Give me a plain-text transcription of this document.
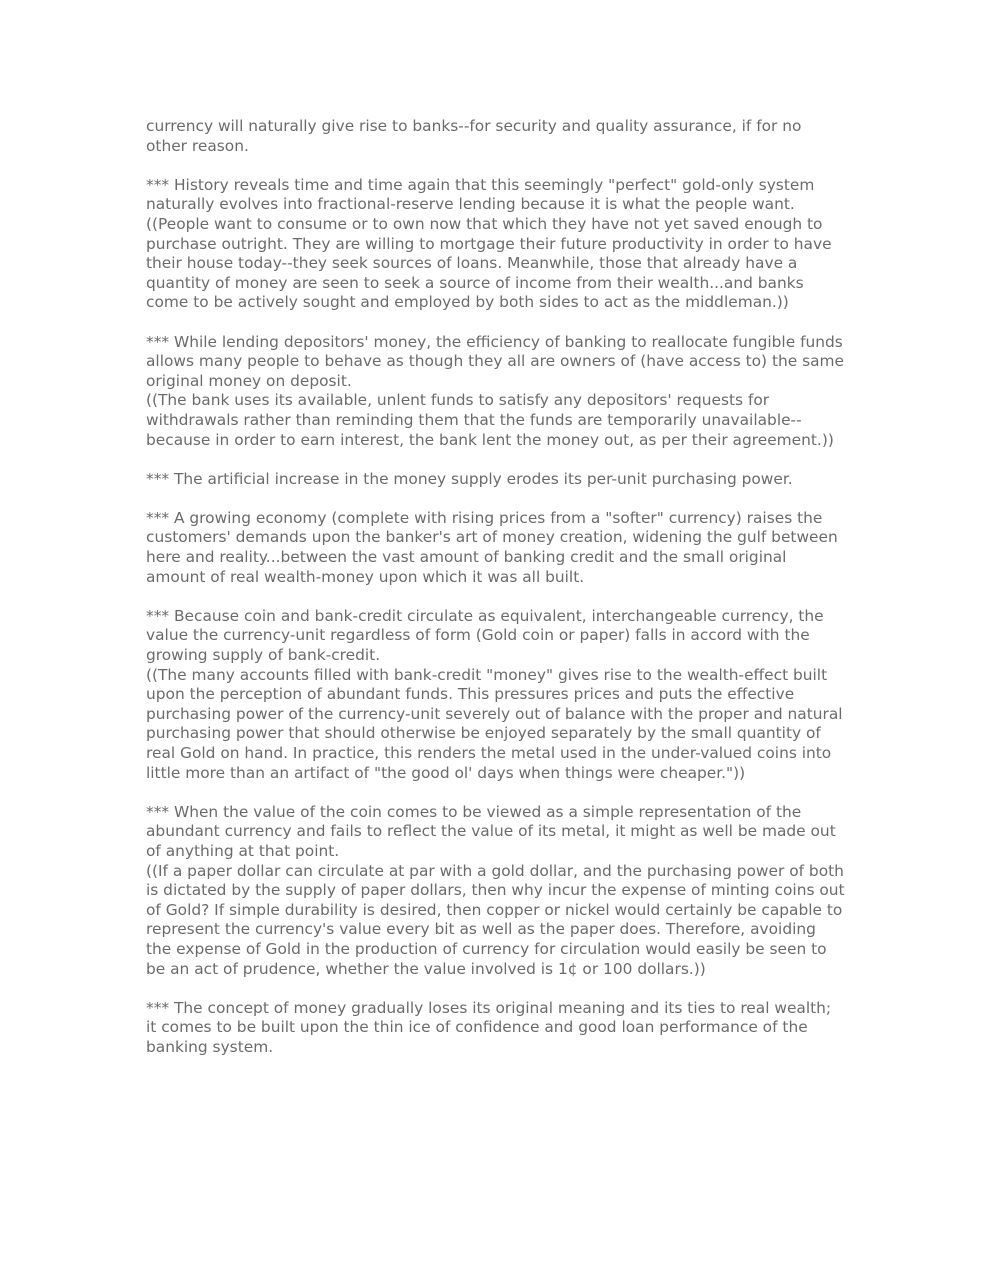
currency will naturally give rise to banks--for security and quality assurance, if for no other reason.

*** History reveals time and time again that this seemingly "perfect" gold-only system naturally evolves into fractional-reserve lending because it is what the people want.
((People want to consume or to own now that which they have not yet saved enough to purchase outright. They are willing to mortgage their future productivity in order to have their house today--they seek sources of loans. Meanwhile, those that already have a quantity of money are seen to seek a source of income from their wealth...and banks come to be actively sought and employed by both sides to act as the middleman.))

*** While lending depositors' money, the efficiency of banking to reallocate fungible funds allows many people to behave as though they all are owners of (have access to) the same original money on deposit.
((The bank uses its available, unlent funds to satisfy any depositors' requests for withdrawals rather than reminding them that the funds are temporarily unavailable--because in order to earn interest, the bank lent the money out, as per their agreement.))

*** The artificial increase in the money supply erodes its per-unit purchasing power.

*** A growing economy (complete with rising prices from a "softer" currency) raises the customers' demands upon the banker's art of money creation, widening the gulf between here and reality...between the vast amount of banking credit and the small original amount of real wealth-money upon which it was all built.

*** Because coin and bank-credit circulate as equivalent, interchangeable currency, the value the currency-unit regardless of form (Gold coin or paper) falls in accord with the growing supply of bank-credit.
((The many accounts filled with bank-credit "money" gives rise to the wealth-effect built upon the perception of abundant funds. This pressures prices and puts the effective purchasing power of the currency-unit severely out of balance with the proper and natural purchasing power that should otherwise be enjoyed separately by the small quantity of real Gold on hand. In practice, this renders the metal used in the under-valued coins into little more than an artifact of "the good ol' days when things were cheaper."))

*** When the value of the coin comes to be viewed as a simple representation of the abundant currency and fails to reflect the value of its metal, it might as well be made out of anything at that point.
((If a paper dollar can circulate at par with a gold dollar, and the purchasing power of both is dictated by the supply of paper dollars, then why incur the expense of minting coins out of Gold? If simple durability is desired, then copper or nickel would certainly be capable to represent the currency's value every bit as well as the paper does. Therefore, avoiding the expense of Gold in the production of currency for circulation would easily be seen to be an act of prudence, whether the value involved is 1¢ or 100 dollars.))

*** The concept of money gradually loses its original meaning and its ties to real wealth; it comes to be built upon the thin ice of confidence and good loan performance of the banking system.
